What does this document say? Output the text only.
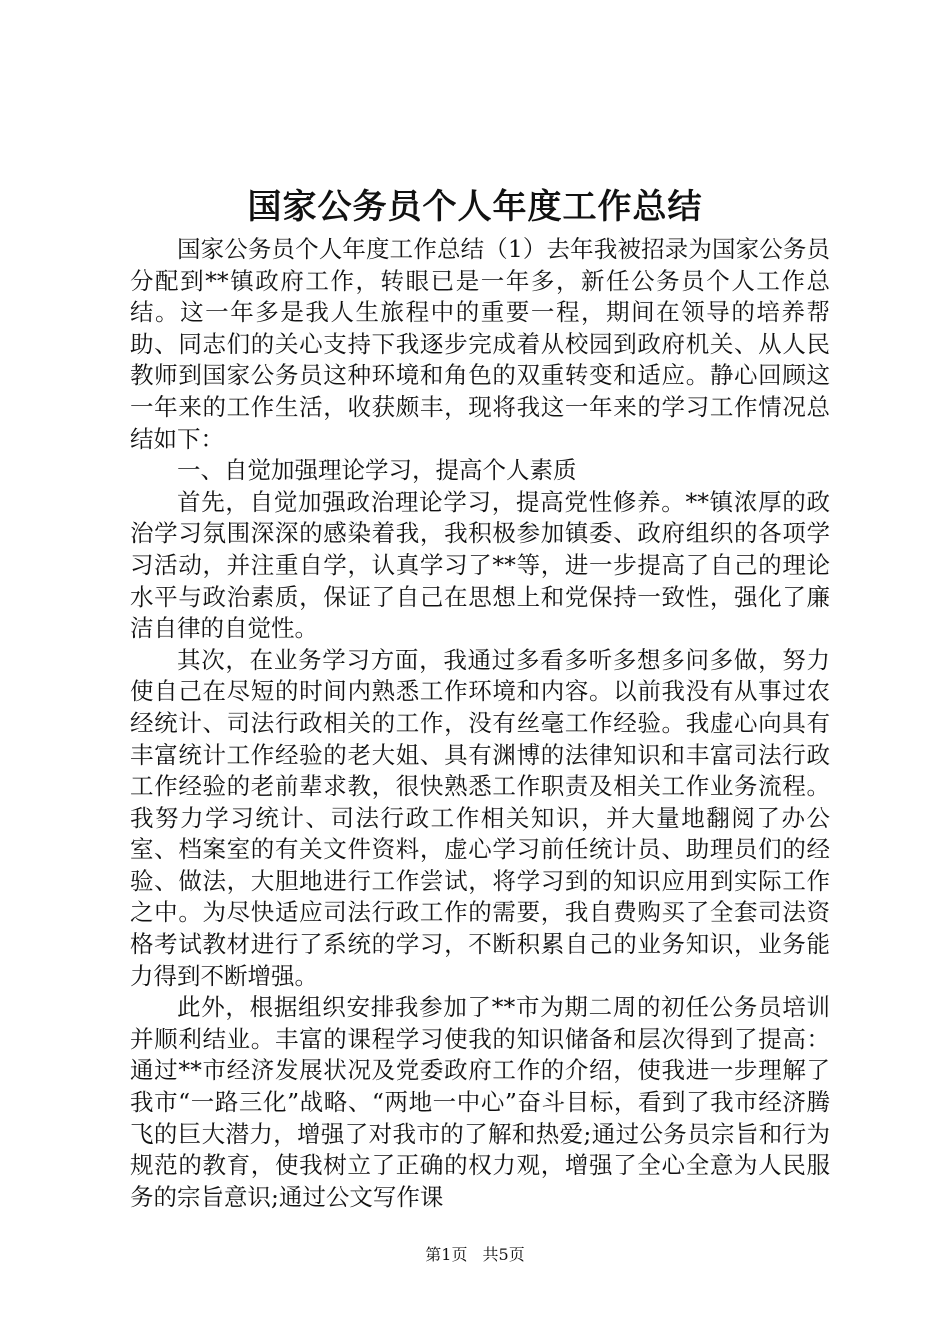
国家公务员个人年度工作总结

国家公务员个人年度工作总结（1）去年我被招录为国家公务员分配到**镇政府工作，转眼已是一年多，新任公务员个人工作总结。这一年多是我人生旅程中的重要一程，期间在领导的培养帮助、同志们的关心支持下我逐步完成着从校园到政府机关、从人民教师到国家公务员这种环境和角色的双重转变和适应。静心回顾这一年来的工作生活，收获颇丰，现将我这一年来的学习工作情况总结如下：

一、自觉加强理论学习，提高个人素质

首先，自觉加强政治理论学习，提高党性修养。**镇浓厚的政治学习氛围深深的感染着我，我积极参加镇委、政府组织的各项学习活动，并注重自学，认真学习了**等，进一步提高了自己的理论水平与政治素质，保证了自己在思想上和党保持一致性，强化了廉洁自律的自觉性。

其次，在业务学习方面，我通过多看多听多想多问多做，努力使自己在尽短的时间内熟悉工作环境和内容。以前我没有从事过农经统计、司法行政相关的工作，没有丝毫工作经验。我虚心向具有丰富统计工作经验的老大姐、具有渊博的法律知识和丰富司法行政工作经验的老前辈求教，很快熟悉工作职责及相关工作业务流程。我努力学习统计、司法行政工作相关知识，并大量地翻阅了办公室、档案室的有关文件资料，虚心学习前任统计员、助理员们的经验、做法，大胆地进行工作尝试，将学习到的知识应用到实际工作之中。为尽快适应司法行政工作的需要，我自费购买了全套司法资格考试教材进行了系统的学习，不断积累自己的业务知识，业务能力得到不断增强。

此外，根据组织安排我参加了**市为期二周的初任公务员培训并顺利结业。丰富的课程学习使我的知识储备和层次得到了提高：通过**市经济发展状况及党委政府工作的介绍，使我进一步理解了我市“一路三化”战略、“两地一中心”奋斗目标，看到了我市经济腾飞的巨大潜力，增强了对我市的了解和热爱;通过公务员宗旨和行为规范的教育，使我树立了正确的权力观，增强了全心全意为人民服务的宗旨意识;通过公文写作课

第1页 共5页
